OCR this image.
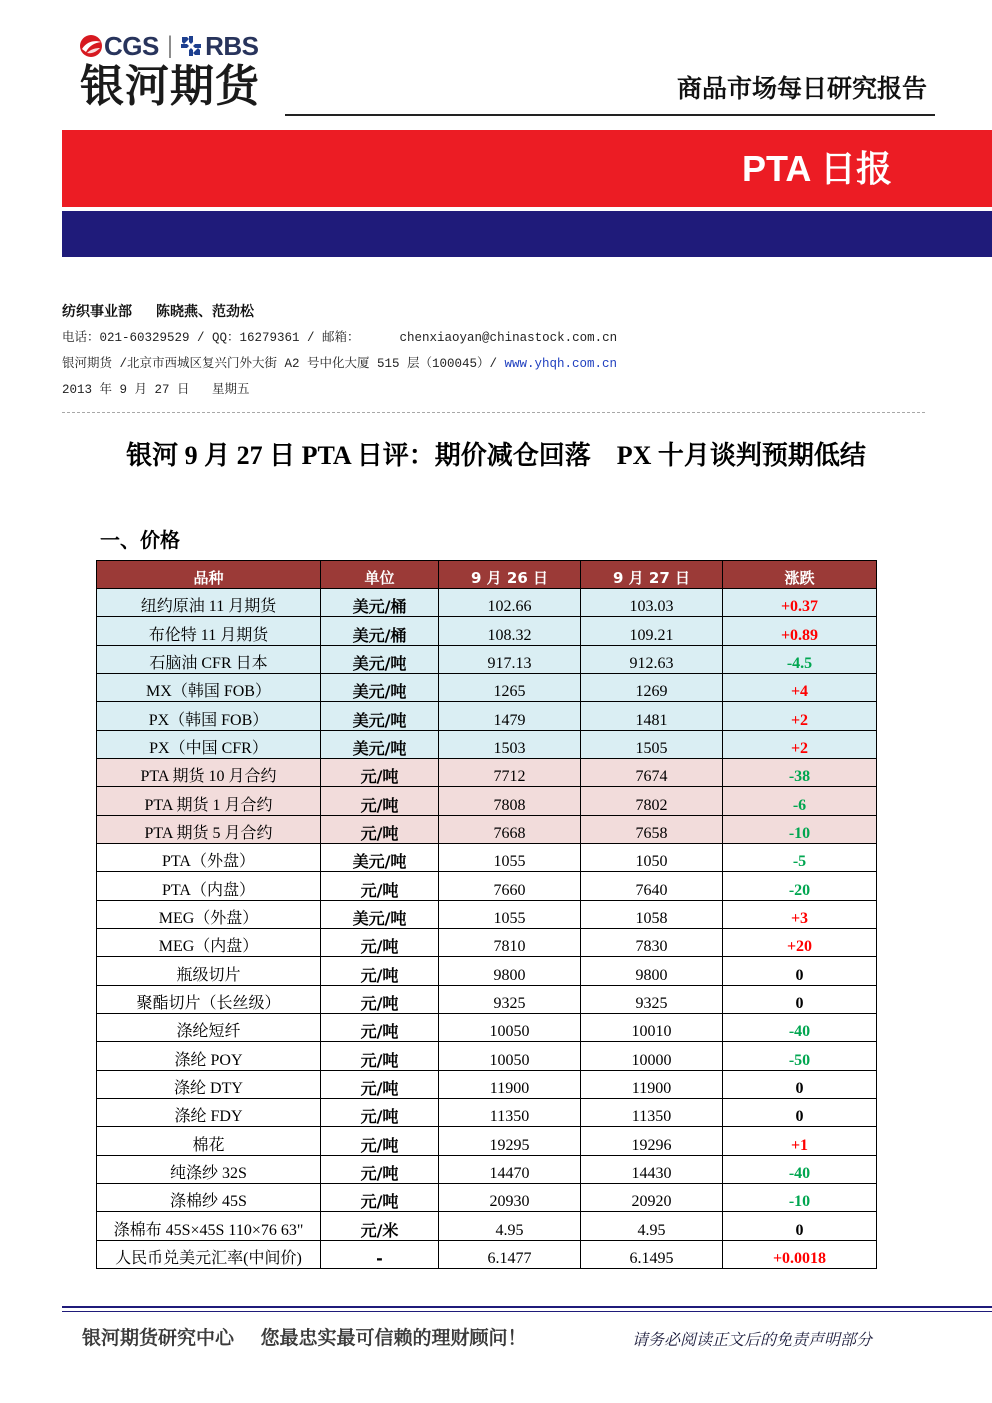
CGS | RBS
银河期货	商品市场每日研究报告
PTA 日报
纺织事业部 陈晓燕、范劲松
电话：021-60329529 / QQ：16279361 / 邮箱：	chenxiaoyan@chinastock.com.cn
银河期货 /北京市西城区复兴门外大街 A2 号中化大厦 515 层（100045）/ www.yhqh.com.cn
2013 年 9 月 27 日   星期五
银河 9 月 27 日 PTA 日评：期价减仓回落    PX 十月谈判预期低结
一、价格
品种	单位	9 月 26 日	9 月 27 日	涨跌
纽约原油 11 月期货	美元/桶	102.66	103.03	+0.37
布伦特 11 月期货	美元/桶	108.32	109.21	+0.89
石脑油 CFR 日本	美元/吨	917.13	912.63	-4.5
MX（韩国 FOB）	美元/吨	1265	1269	+4
PX（韩国 FOB）	美元/吨	1479	1481	+2
PX（中国 CFR）	美元/吨	1503	1505	+2
PTA 期货 10 月合约	元/吨	7712	7674	-38
PTA 期货 1 月合约	元/吨	7808	7802	-6
PTA 期货 5 月合约	元/吨	7668	7658	-10
PTA（外盘）	美元/吨	1055	1050	-5
PTA（内盘）	元/吨	7660	7640	-20
MEG（外盘）	美元/吨	1055	1058	+3
MEG（内盘）	元/吨	7810	7830	+20
瓶级切片	元/吨	9800	9800	0
聚酯切片（长丝级）	元/吨	9325	9325	0
涤纶短纤	元/吨	10050	10010	-40
涤纶 POY	元/吨	10050	10000	-50
涤纶 DTY	元/吨	11900	11900	0
涤纶 FDY	元/吨	11350	11350	0
棉花	元/吨	19295	19296	+1
纯涤纱 32S	元/吨	14470	14430	-40
涤棉纱 45S	元/吨	20930	20920	-10
涤棉布 45S×45S 110×76 63"	元/米	4.95	4.95	0
人民币兑美元汇率(中间价)	-	6.1477	6.1495	+0.0018
银河期货研究中心    您最忠实最可信赖的理财顾问！	请务必阅读正文后的免责声明部分
